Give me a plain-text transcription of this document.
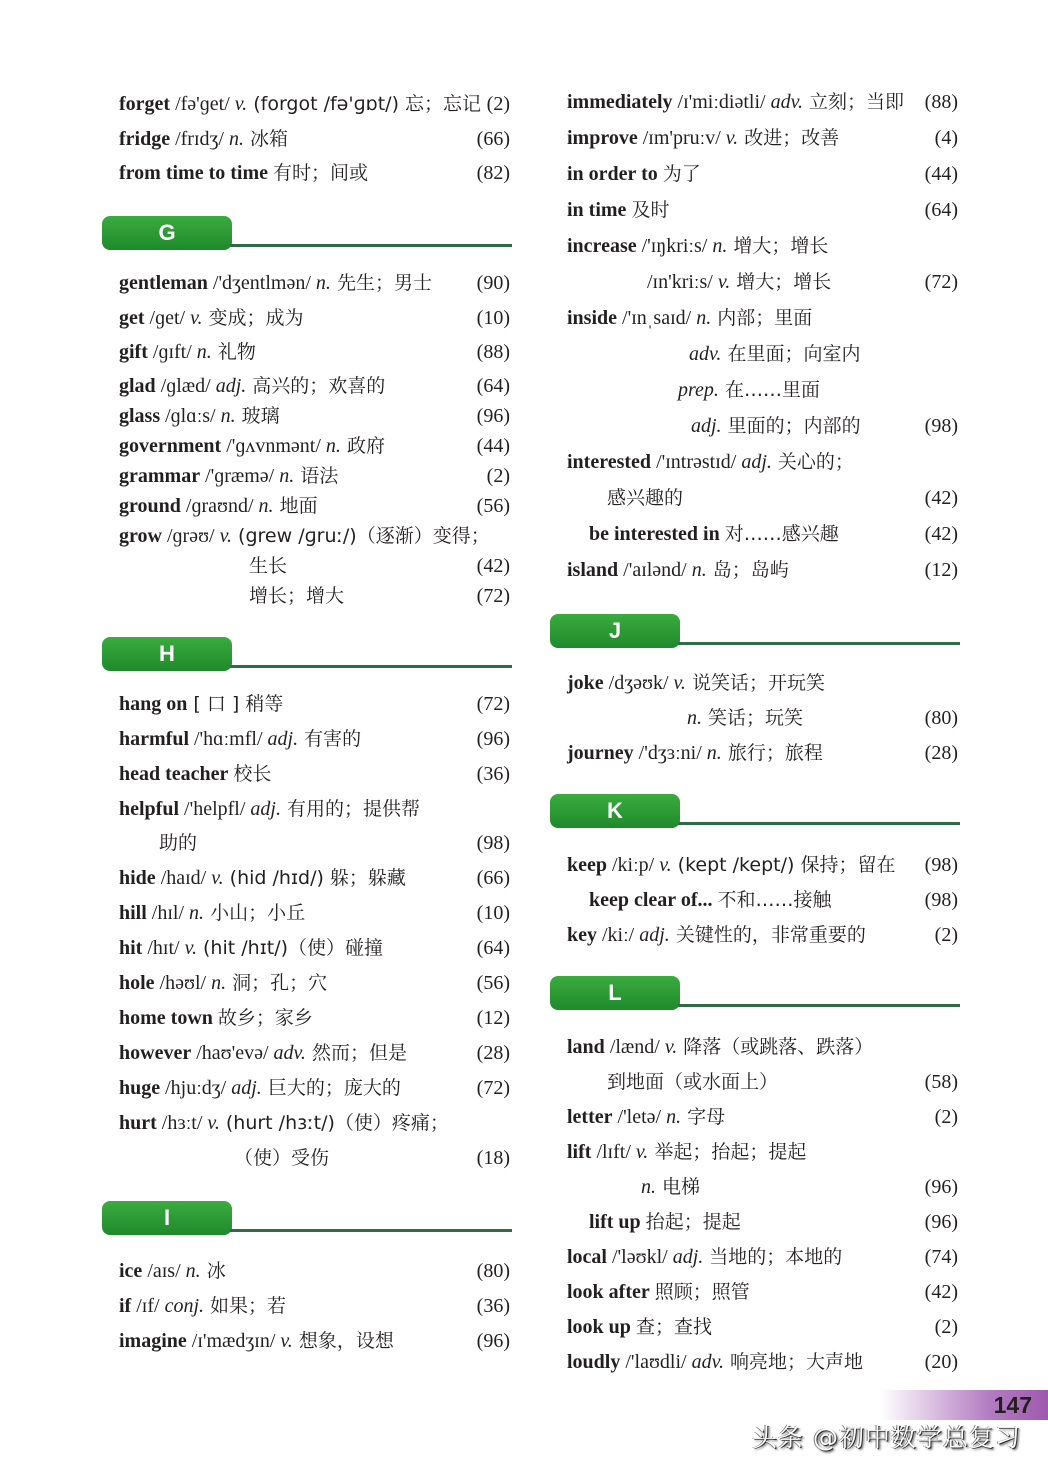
forget /fə'ɡet/ v. (forgot /fə'ɡɒt/) 忘；忘记 (2)
fridge /frɪdʒ/ n. 冰箱	(66)
from time to time 有时；间或	(82)
G
gentleman /'dʒentlmən/ n. 先生；男士 (90)
get /ɡet/ v. 变成；成为	(10)
gift /ɡɪft/ n. 礼物	(88)
glad /ɡlæd/ adj. 高兴的；欢喜的	(64)
glass /ɡlɑːs/ n. 玻璃	(96)
government /'ɡʌvnmənt/ n. 政府	(44)
grammar /'ɡræmə/ n. 语法	(2)
ground /ɡraʊnd/ n. 地面	(56)
grow /ɡrəʊ/ v. (grew /ɡruː/)（逐渐）变得；
生长	(42)
增长；增大	(72)
H
hang on [ 口 ] 稍等	(72)
harmful /'hɑːmfl/ adj. 有害的	(96)
head teacher 校长	(36)
helpful /'helpfl/ adj. 有用的；提供帮
助的	(98)
hide /haɪd/ v. (hid /hɪd/) 躲；躲藏	(66)
hill /hɪl/ n. 小山；小丘	(10)
hit /hɪt/ v. (hit /hɪt/)（使）碰撞	(64)
hole /həʊl/ n. 洞；孔；穴	(56)
home town 故乡；家乡	(12)
however /haʊ'evə/ adv. 然而；但是	(28)
huge /hjuːdʒ/ adj. 巨大的；庞大的	(72)
hurt /hɜːt/ v. (hurt /hɜːt/)（使）疼痛；
（使）受伤	(18)
I
ice /aɪs/ n. 冰	(80)
if /ɪf/ conj. 如果；若	(36)
imagine /ɪ'mædʒɪn/ v. 想象，设想	(96)
immediately /ɪ'miːdiətli/ adv. 立刻；当即 (88)
improve /ɪm'pruːv/ v. 改进；改善	(4)
in order to 为了	(44)
in time 及时	(64)
increase /'ɪŋkriːs/ n. 增大；增长
/ɪn'kriːs/ v. 增大；增长	(72)
inside /'ɪnˌsaɪd/ n. 内部；里面
adv. 在里面；向室内
prep. 在……里面
adj. 里面的；内部的	(98)
interested /'ɪntrəstɪd/ adj. 关心的；
感兴趣的	(42)
be interested in 对……感兴趣	(42)
island /'aɪlənd/ n. 岛；岛屿	(12)
J
joke /dʒəʊk/ v. 说笑话；开玩笑
n. 笑话；玩笑	(80)
journey /'dʒɜːni/ n. 旅行；旅程	(28)
K
keep /kiːp/ v. (kept /kept/) 保持；留在 (98)
keep clear of... 不和……接触	(98)
key /kiː/ adj. 关键性的，非常重要的	(2)
L
land /lænd/ v. 降落（或跳落、跌落）
到地面（或水面上）	(58)
letter /'letə/ n. 字母	(2)
lift /lɪft/ v. 举起；抬起；提起
n. 电梯	(96)
lift up 抬起；提起	(96)
local /'ləʊkl/ adj. 当地的；本地的	(74)
look after 照顾；照管	(42)
look up 查；查找	(2)
loudly /'laʊdli/ adv. 响亮地；大声地	(20)
147
头条 @初中数学总复习
